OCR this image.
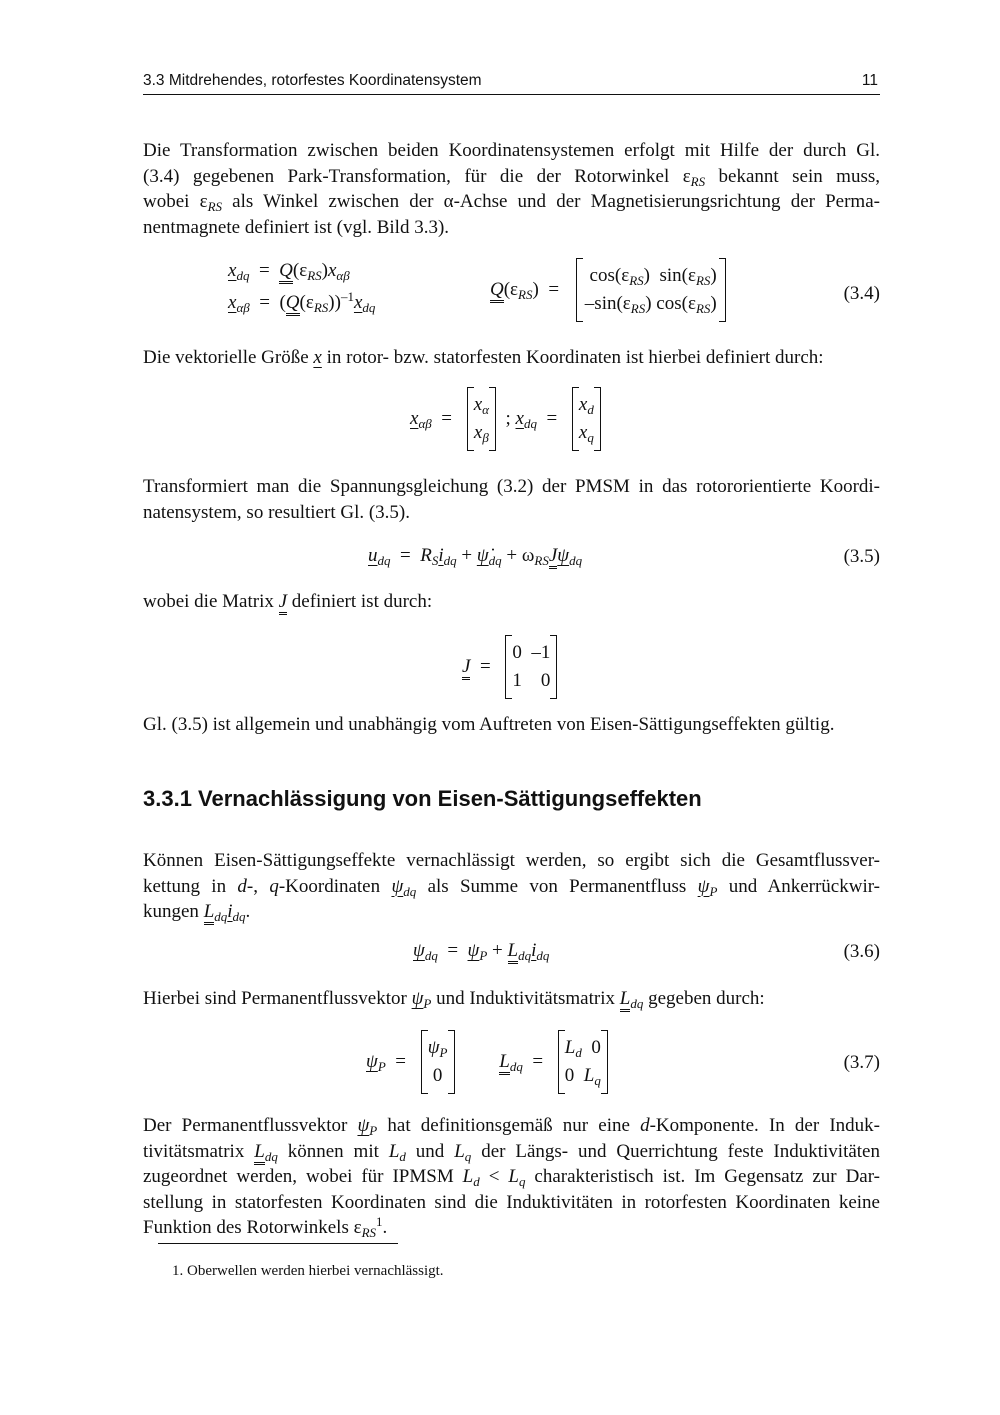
3.3 Mitdrehendes, rotorfestes Koordinatensystem	11
Die Transformation zwischen beiden Koordinatensystemen erfolgt mit Hilfe der durch Gl.
(3.4) gegebenen Park-Transformation, für die der Rotorwinkel $\varepsilon_{RS}$ bekannt sein muss,
wobei $\varepsilon_{RS}$ als Winkel zwischen der α-Achse und der Magnetisierungsrichtung der Perma-
nentmagnete definiert ist (vgl. Bild 3.3).
$x_{dq} = Q(\varepsilon_{RS})x_{\alpha\beta}$
$x_{\alpha\beta} = (Q(\varepsilon_{RS}))^{-1}x_{dq}$
$Q(\varepsilon_{RS})$  =
$\cos(\varepsilon_{RS})$  $\sin(\varepsilon_{RS})$
$-\sin(\varepsilon_{RS})$ $\cos(\varepsilon_{RS})$	(3.4)
Die vektorielle Größe x in rotor- bzw. statorfesten Koordinaten ist hierbei definiert durch:
$x_{\alpha\beta}$  =
$x_\alpha$
$x_\beta$
; $x_{dq}$  =
$x_d$
$x_q$
Transformiert man die Spannungsgleichung (3.2) der PMSM in das rotororientierte Koordi-
natensystem, so resultiert Gl. (3.5).
$u_{dq} = R_Si_{dq}$ + $\psi̇_{dq} + \omega_{RS}J\psi_{dq}$	(3.5)
wobei die Matrix J definiert ist durch:
J  =
0  –1
1    0
Gl. (3.5) ist allgemein und unabhängig vom Auftreten von Eisen-Sättigungseffekten gültig.
3.3.1 Vernachlässigung von Eisen-Sättigungseffekten
Können Eisen-Sättigungseffekte vernachlässigt werden, so ergibt sich die Gesamtflussver-
kettung in d-, q-Koordinaten $\psi_{dq}$ als Summe von Permanentfluss $\psi_P$ und Ankerrückwir-
kungen $L_{dq}i_{dq}$.
$\psi_{dq} = \psi_P + L_{dq}i_{dq}$	(3.6)
Hierbei sind Permanentflussvektor $\psi_P$ und Induktivitätsmatrix $L_{dq}$ gegeben durch:
$\psi_P$  =
$\psi_P$
0
$L_{dq}$  =
$L_d$  0
0  $L_q$
(3.7)
Der Permanentflussvektor $\psi_P$ hat definitionsgemäß nur eine d-Komponente. In der Induk-
tivitätsmatrix $L_{dq}$ können mit $L_d$ und $L_q$ der Längs- und Querrichtung feste Induktivitäten
zugeordnet werden, wobei für IPMSM $L_d < L_q$ charakteristisch ist. Im Gegensatz zur Dar-
stellung in statorfesten Koordinaten sind die Induktivitäten in rotorfesten Koordinaten keine
Funktion des Rotorwinkels $\varepsilon_{RS}^1$.
1. Oberwellen werden hierbei vernachlässigt.
